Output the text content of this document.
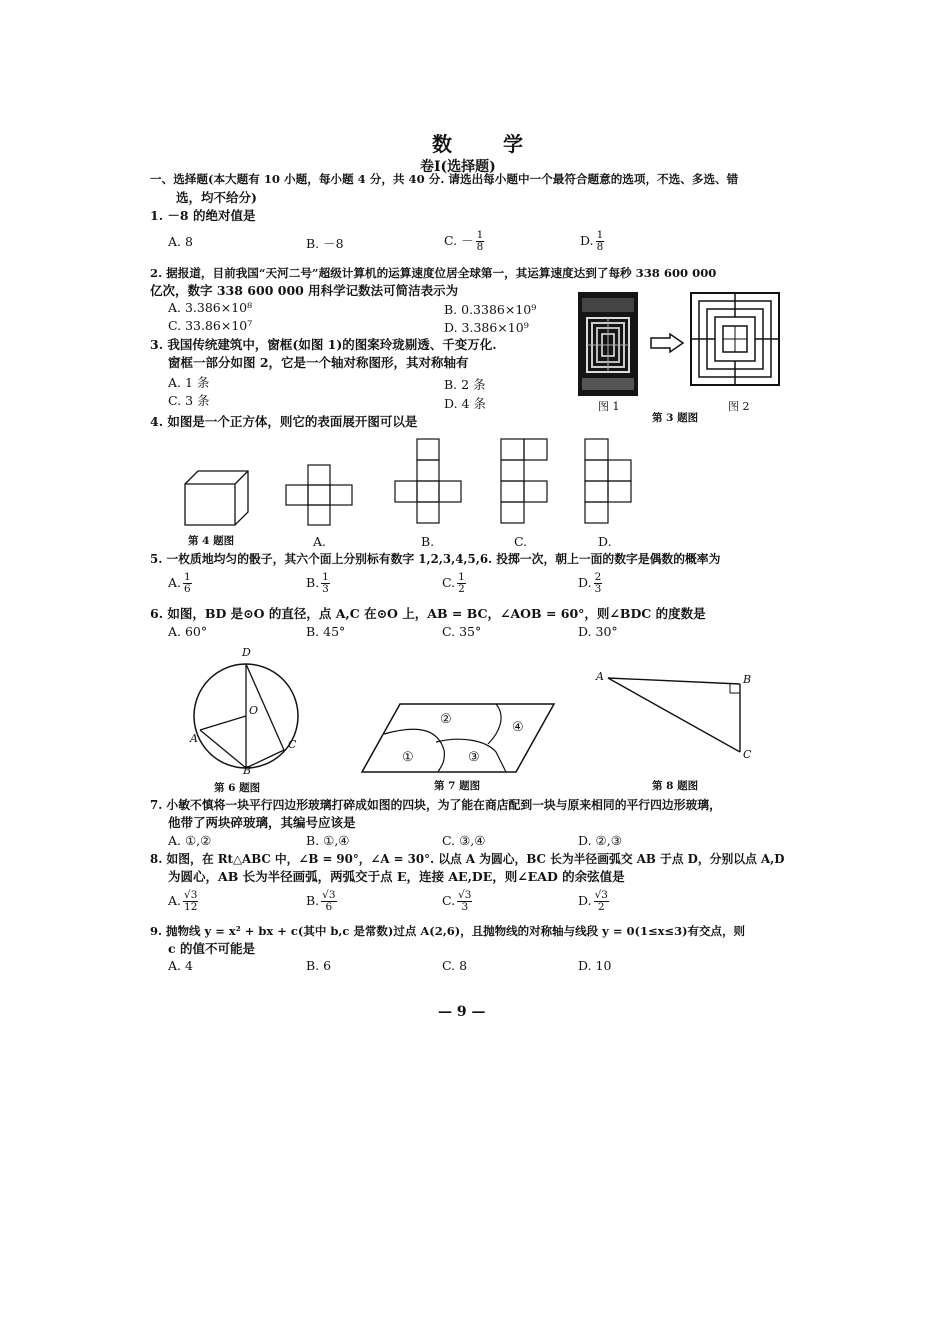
数 学
卷Ⅰ(选择题)
一、选择题(本大题有 10 小题，每小题 4 分，共 40 分. 请选出每小题中一个最符合题意的选项，不选、多选、错
选，均不给分)
1. －8 的绝对值是
A. 8	B. －8	C. － $\frac{1}{8}$	D. $\frac{1}{8}$
2. 据报道，目前我国“天河二号”超级计算机的运算速度位居全球第一，其运算速度达到了每秒 338 600 000
亿次，数字 338 600 000 用科学记数法可简洁表示为
A. 3.386×10⁸	B. 0.3386×10⁹
C. 33.86×10⁷	D. 3.386×10⁹
3. 我国传统建筑中，窗框(如图 1)的图案玲珑剔透、千变万化.
窗框一部分如图 2，它是一个轴对称图形，其对称轴有
A. 1 条	B. 2 条
C. 3 条	D. 4 条	图 1	图 2
第 3 题图
4. 如图是一个正方体，则它的表面展开图可以是
第 4 题图	A.	B.	C.	D.
5. 一枚质地均匀的骰子，其六个面上分别标有数字 1,2,3,4,5,6. 投掷一次，朝上一面的数字是偶数的概率为
A. $\frac{1}{6}$	B. $\frac{1}{3}$	C. $\frac{1}{2}$	D. $\frac{2}{3}$
6. 如图，BD 是⊙O 的直径，点 A,C 在⊙O 上，AB = BC，∠AOB = 60°，则∠BDC 的度数是
A. 60°	B. 45°	C. 35°	D. 30°
D
O
A	C
B
第 6 题图
②
④
①	③
第 7 题图
A	B
C
第 8 题图
7. 小敏不慎将一块平行四边形玻璃打碎成如图的四块，为了能在商店配到一块与原来相同的平行四边形玻璃，
他带了两块碎玻璃，其编号应该是
A. ①,②	B. ①,④	C. ③,④	D. ②,③
8. 如图，在 Rt△ABC 中，∠B = 90°，∠A = 30°. 以点 A 为圆心，BC 长为半径画弧交 AB 于点 D，分别以点 A,D
为圆心，AB 长为半径画弧，两弧交于点 E，连接 AE,DE，则∠EAD 的余弦值是
A. $\frac{√3}{12}$	B. $\frac{√3}{6}$	C. $\frac{√3}{3}$	D. $\frac{√3}{2}$
9. 抛物线 y = x² + bx + c(其中 b,c 是常数)过点 A(2,6)，且抛物线的对称轴与线段 y = 0(1≤x≤3)有交点，则
c 的值不可能是
A. 4	B. 6	C. 8	D. 10
— 9 —
